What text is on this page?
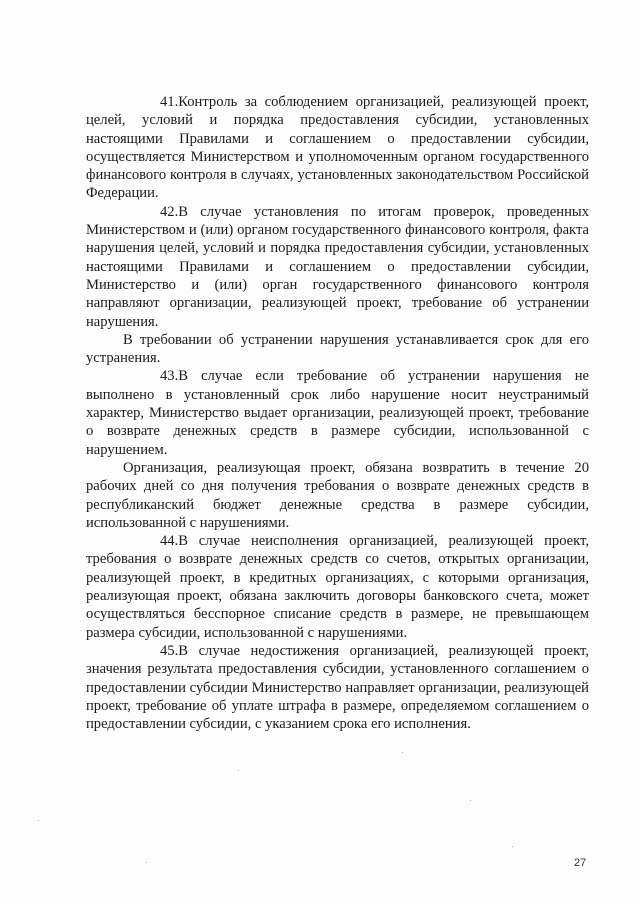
41.Контроль за соблюдением организацией, реализующей проект, целей, условий и порядка предоставления субсидии, установленных настоящими Правилами и соглашением о предоставлении субсидии, осуществляется Министерством и уполномоченным органом государственного финансового контроля в случаях, установленных законодательством Российской Федерации.

42.В случае установления по итогам проверок, проведенных Министерством и (или) органом государственного финансового контроля, факта нарушения целей, условий и порядка предоставления субсидии, установленных настоящими Правилами и соглашением о предоставлении субсидии, Министерство и (или) орган государственного финансового контроля направляют организации, реализующей проект, требование об устранении нарушения.

В требовании об устранении нарушения устанавливается срок для его устранения.

43.В случае если требование об устранении нарушения не выполнено в установленный срок либо нарушение носит неустранимый характер, Министерство выдает организации, реализующей проект, требование о возврате денежных средств в размере субсидии, использованной с нарушением.

Организация, реализующая проект, обязана возвратить в течение 20 рабочих дней со дня получения требования о возврате денежных средств в республиканский бюджет денежные средства в размере субсидии, использованной с нарушениями.

44.В случае неисполнения организацией, реализующей проект, требования о возврате денежных средств со счетов, открытых организации, реализующей проект, в кредитных организациях, с которыми организация, реализующая проект, обязана заключить договоры банковского счета, может осуществляться бесспорное списание средств в размере, не превышающем размера субсидии, использованной с нарушениями.

45.В случае недостижения организацией, реализующей проект, значения результата предоставления субсидии, установленного соглашением о предоставлении субсидии Министерство направляет организации, реализующей проект, требование об уплате штрафа в размере, определяемом соглашением о предоставлении субсидии, с указанием срока его исполнения.

27
